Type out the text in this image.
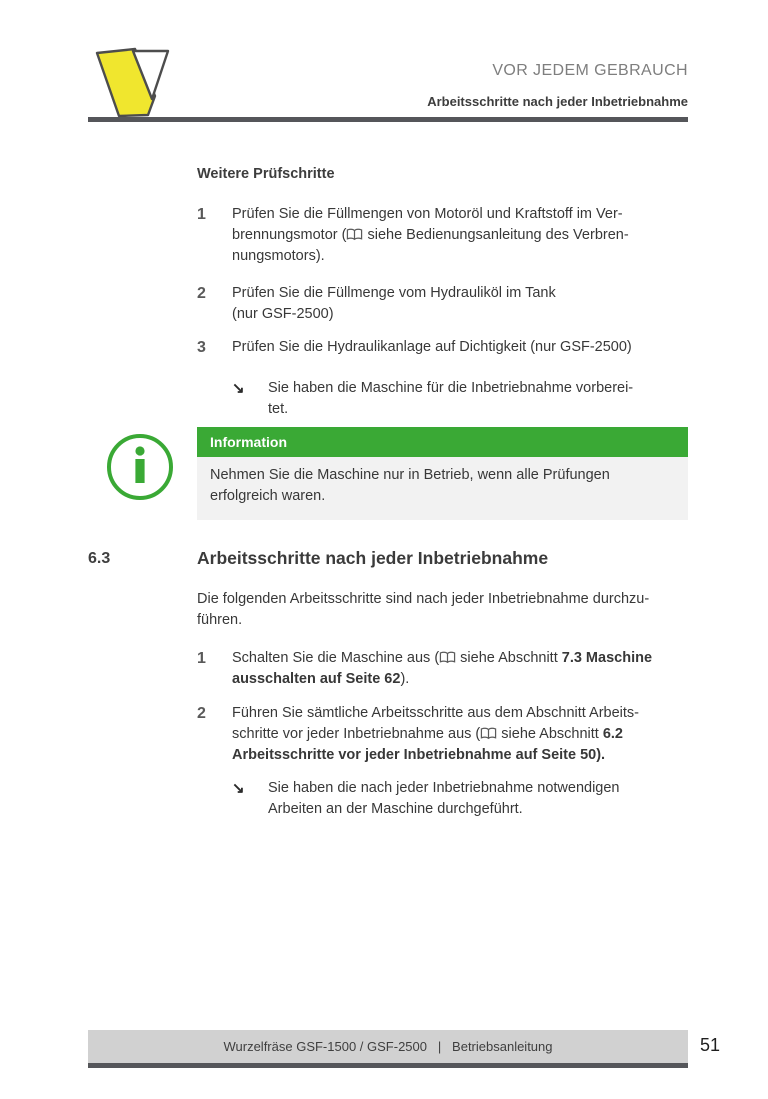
VOR JEDEM GEBRAUCH
Arbeitsschritte nach jeder Inbetriebnahme
Weitere Prüfschritte
1	Prüfen Sie die Füllmengen von Motoröl und Kraftstoff im Ver-
brennungsmotor ( siehe Bedienungsanleitung des Verbren-
nungsmotors).
2	Prüfen Sie die Füllmenge vom Hydrauliköl im Tank
(nur GSF-2500)
3	Prüfen Sie die Hydraulikanlage auf Dichtigkeit (nur GSF-2500)
↘	Sie haben die Maschine für die Inbetriebnahme vorberei-
tet.
Information
Nehmen Sie die Maschine nur in Betrieb, wenn alle Prüfungen
erfolgreich waren.
6.3	Arbeitsschritte nach jeder Inbetriebnahme
Die folgenden Arbeitsschritte sind nach jeder Inbetriebnahme durchzu-
führen.
1	Schalten Sie die Maschine aus ( siehe Abschnitt 7.3 Maschine
ausschalten auf Seite 62).
2	Führen Sie sämtliche Arbeitsschritte aus dem Abschnitt Arbeits-
schritte vor jeder Inbetriebnahme aus ( siehe Abschnitt 6.2
Arbeitsschritte vor jeder Inbetriebnahme auf Seite 50).
↘	Sie haben die nach jeder Inbetriebnahme notwendigen
Arbeiten an der Maschine durchgeführt.
Wurzelfräse GSF-1500 / GSF-2500   |   Betriebsanleitung	51
